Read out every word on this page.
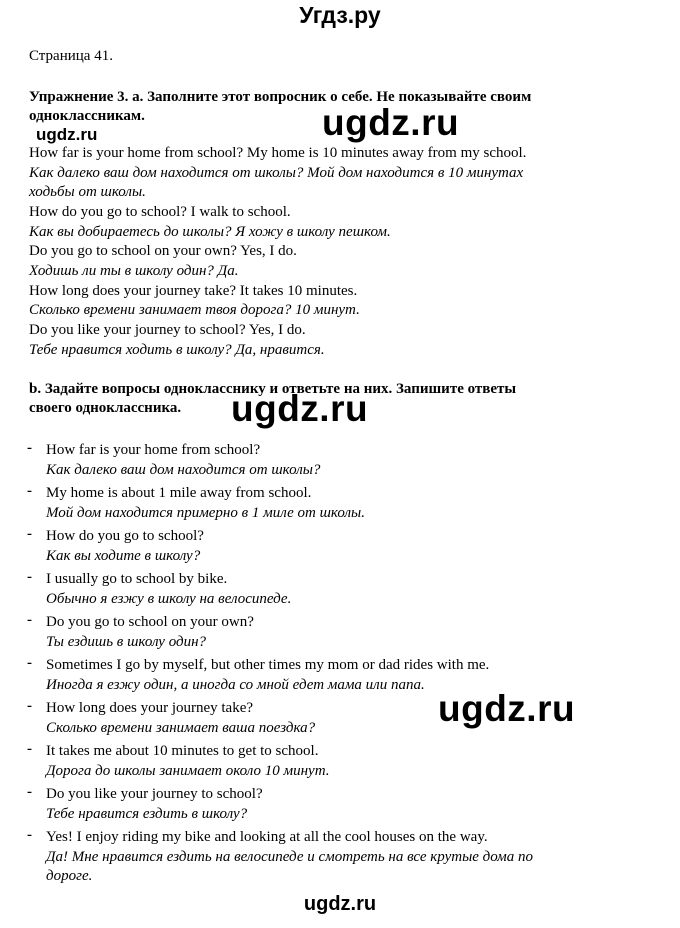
Угдз.ру
Страница 41.
Упражнение 3. a. Заполните этот вопросник о себе. Не показывайте своим
одноклассникам.
ugdz.ru	ugdz.ru
How far is your home from school? My home is 10 minutes away from my school.
Как далеко ваш дом находится от школы? Мой дом находится в 10 минутах
ходьбы от школы.
How do you go to school? I walk to school.
Как вы добираетесь до школы? Я хожу в школу пешком.
Do you go to school on your own? Yes, I do.
Ходишь ли ты в школу один? Да.
How long does your journey take? It takes 10 minutes.
Сколько времени занимает твоя дорога? 10 минут.
Do you like your journey to school? Yes, I do.
Тебе нравится ходить в школу? Да, нравится.
b. Задайте вопросы однокласснику и ответьте на них. Запишите ответы
своего одноклассника.	ugdz.ru
- How far is your home from school?
Как далеко ваш дом находится от школы?
- My home is about 1 mile away from school.
Мой дом находится примерно в 1 миле от школы.
- How do you go to school?
Как вы ходите в школу?
- I usually go to school by bike.
Обычно я езжу в школу на велосипеде.
- Do you go to school on your own?
Ты ездишь в школу один?
- Sometimes I go by myself, but other times my mom or dad rides with me.
Иногда я езжу один, а иногда со мной едет мама или папа.
- How long does your journey take?
Сколько времени занимает ваша поездка?
- It takes me about 10 minutes to get to school.
Дорога до школы занимает около 10 минут.
- Do you like your journey to school?
Тебе нравится ездить в школу?
- Yes! I enjoy riding my bike and looking at all the cool houses on the way.
Да! Мне нравится ездить на велосипеде и смотреть на все крутые дома по
дороге.
ugdz.ru
ugdz.ru
